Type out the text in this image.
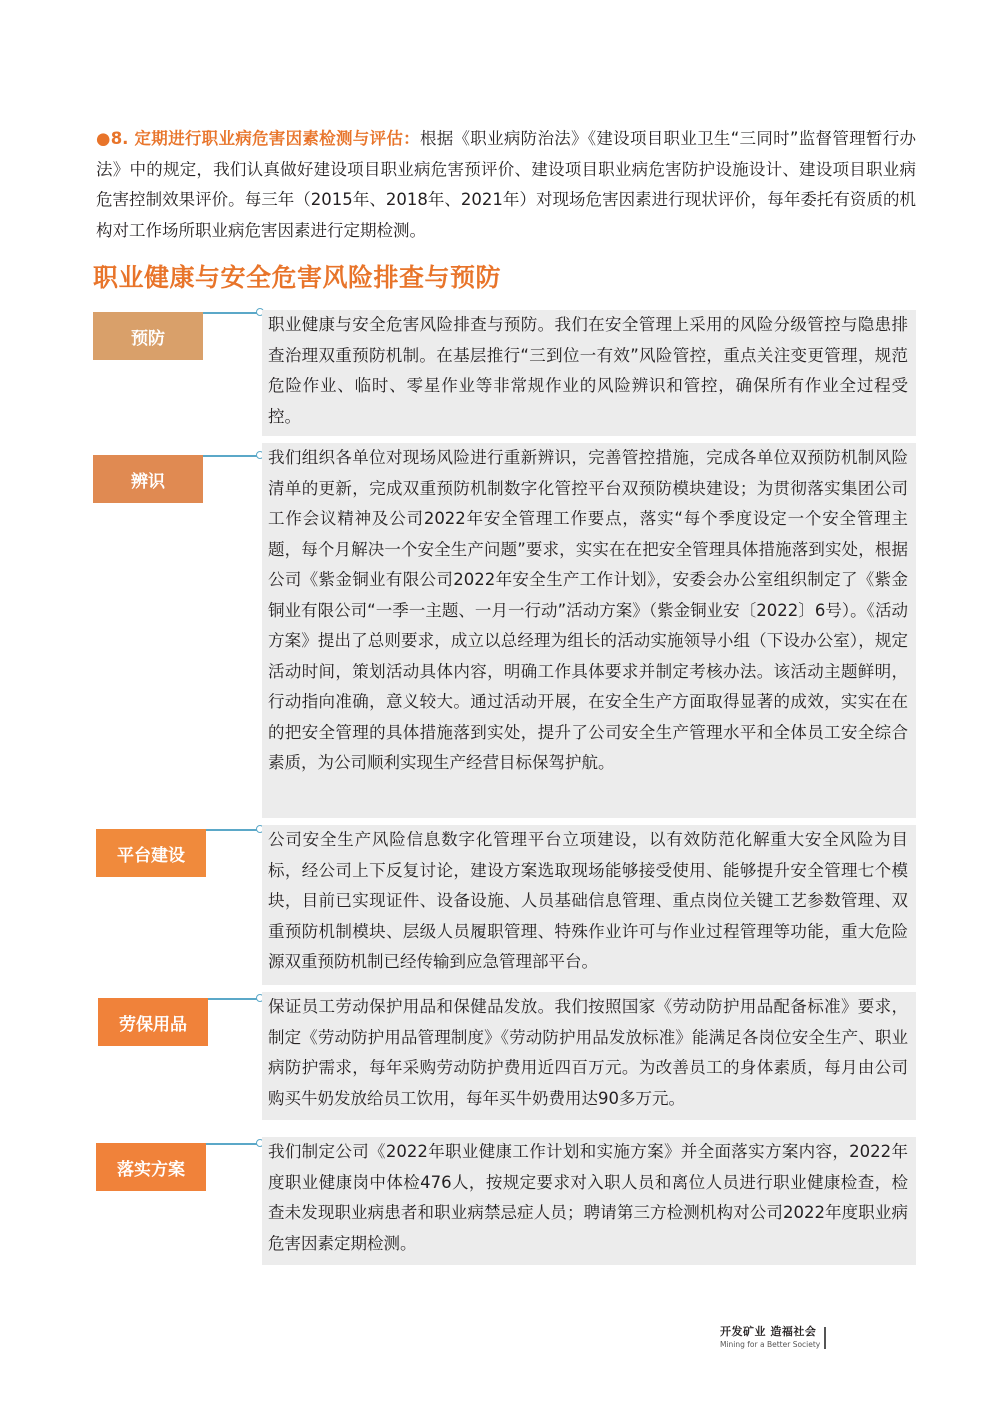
●8. 定期进行职业病危害因素检测与评估：根据《职业病防治法》《建设项目职业卫生“三同时”监督管理暂行办法》中的规定，我们认真做好建设项目职业病危害预评价、建设项目职业病危害防护设施设计、建设项目职业病危害控制效果评价。每三年（2015年、2018年、2021年）对现场危害因素进行现状评价，每年委托有资质的机构对工作场所职业病危害因素进行定期检测。
职业健康与安全危害风险排查与预防
预防
职业健康与安全危害风险排查与预防。我们在安全管理上采用的风险分级管控与隐患排查治理双重预防机制。在基层推行“三到位一有效”风险管控，重点关注变更管理，规范危险作业、临时、零星作业等非常规作业的风险辨识和管控，确保所有作业全过程受控。
辨识
我们组织各单位对现场风险进行重新辨识，完善管控措施，完成各单位双预防机制风险清单的更新，完成双重预防机制数字化管控平台双预防模块建设；为贯彻落实集团公司工作会议精神及公司2022年安全管理工作要点，落实“每个季度设定一个安全管理主题，每个月解决一个安全生产问题”要求，实实在在把安全管理具体措施落到实处，根据公司《紫金铜业有限公司2022年安全生产工作计划》，安委会办公室组织制定了《紫金铜业有限公司“一季一主题、一月一行动”活动方案》（紫金铜业安〔2022〕6号）。《活动方案》提出了总则要求，成立以总经理为组长的活动实施领导小组（下设办公室），规定活动时间，策划活动具体内容，明确工作具体要求并制定考核办法。该活动主题鲜明，行动指向准确，意义较大。通过活动开展，在安全生产方面取得显著的成效，实实在在的把安全管理的具体措施落到实处，提升了公司安全生产管理水平和全体员工安全综合素质，为公司顺利实现生产经营目标保驾护航。
平台建设
公司安全生产风险信息数字化管理平台立项建设，以有效防范化解重大安全风险为目标，经公司上下反复讨论，建设方案选取现场能够接受使用、能够提升安全管理七个模块，目前已实现证件、设备设施、人员基础信息管理、重点岗位关键工艺参数管理、双重预防机制模块、层级人员履职管理、特殊作业许可与作业过程管理等功能，重大危险源双重预防机制已经传输到应急管理部平台。
劳保用品
保证员工劳动保护用品和保健品发放。我们按照国家《劳动防护用品配备标准》要求，制定《劳动防护用品管理制度》《劳动防护用品发放标准》能满足各岗位安全生产、职业病防护需求，每年采购劳动防护费用近四百万元。为改善员工的身体素质，每月由公司购买牛奶发放给员工饮用，每年买牛奶费用达90多万元。
落实方案
我们制定公司《2022年职业健康工作计划和实施方案》并全面落实方案内容，2022年度职业健康岗中体检476人，按规定要求对入职人员和离位人员进行职业健康检查，检查未发现职业病患者和职业病禁忌症人员；聘请第三方检测机构对公司2022年度职业病危害因素定期检测。
开发矿业 造福社会
Mining for a Better Society
